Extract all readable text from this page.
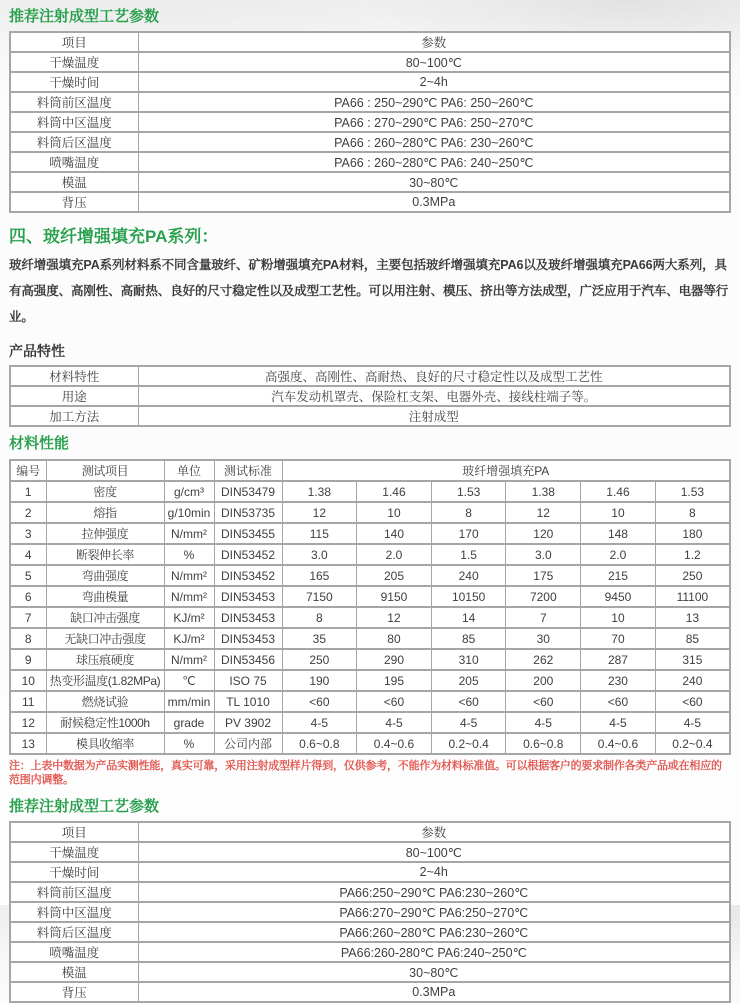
推荐注射成型工艺参数
项目	参数
干燥温度	80~100℃
干燥时间	2~4h
料筒前区温度	PA66 : 250~290℃ PA6: 250~260℃
料筒中区温度	PA66 : 270~290℃ PA6: 250~270℃
料筒后区温度	PA66 : 260~280℃ PA6: 230~260℃
喷嘴温度	PA66 : 260~280℃ PA6: 240~250℃
模温	30~80℃
背压	0.3MPa
四、玻纤增强填充PA系列：
玻纤增强填充PA系列材料系不同含量玻纤、矿粉增强填充PA材料，主要包括玻纤增强填充PA6以及玻纤增强填充PA66两大系列，具有高强度、高刚性、高耐热、良好的尺寸稳定性以及成型工艺性。可以用注射、模压、挤出等方法成型，广泛应用于汽车、电器等行业。
产品特性
材料特性	高强度、高刚性、高耐热、良好的尺寸稳定性以及成型工艺性
用途	汽车发动机罩壳、保险杠支架、电器外壳、接线柱端子等。
加工方法	注射成型
材料性能
编号	测试项目	单位	测试标准	玻纤增强填充PA					
1	密度	g/cm³	DIN53479	1.38	1.46	1.53	1.38	1.46	1.53
2	熔指	g/10min	DIN53735	12	10	8	12	10	8
3	拉伸强度	N/mm²	DIN53455	115	140	170	120	148	180
4	断裂伸长率	%	DIN53452	3.0	2.0	1.5	3.0	2.0	1.2
5	弯曲强度	N/mm²	DIN53452	165	205	240	175	215	250
6	弯曲模量	N/mm²	DIN53453	7150	9150	10150	7200	9450	11100
7	缺口冲击强度	KJ/m²	DIN53453	8	12	14	7	10	13
8	无缺口冲击强度	KJ/m²	DIN53453	35	80	85	30	70	85
9	球压痕硬度	N/mm²	DIN53456	250	290	310	262	287	315
10	热变形温度(1.82MPa)	℃	ISO 75	190	195	205	200	230	240
11	燃烧试验	mm/min	TL 1010	<60	<60	<60	<60	<60	<60
12	耐候稳定性1000h	grade	PV 3902	4-5	4-5	4-5	4-5	4-5	4-5
13	模具收缩率	%	公司内部	0.6~0.8	0.4~0.6	0.2~0.4	0.6~0.8	0.4~0.6	0.2~0.4
注：上表中数据为产品实测性能，真实可靠，采用注射成型样片得到，仅供参考，不能作为材料标准值。可以根据客户的要求制作各类产品或在相应的范围内调整。
推荐注射成型工艺参数
项目	参数
干燥温度	80~100℃
干燥时间	2~4h
料筒前区温度	PA66:250~290℃ PA6:230~260℃
料筒中区温度	PA66:270~290℃ PA6:250~270℃
料筒后区温度	PA66:260~280℃ PA6:230~260℃
喷嘴温度	PA66:260-280℃ PA6:240~250℃
模温	30~80℃
背压	0.3MPa
